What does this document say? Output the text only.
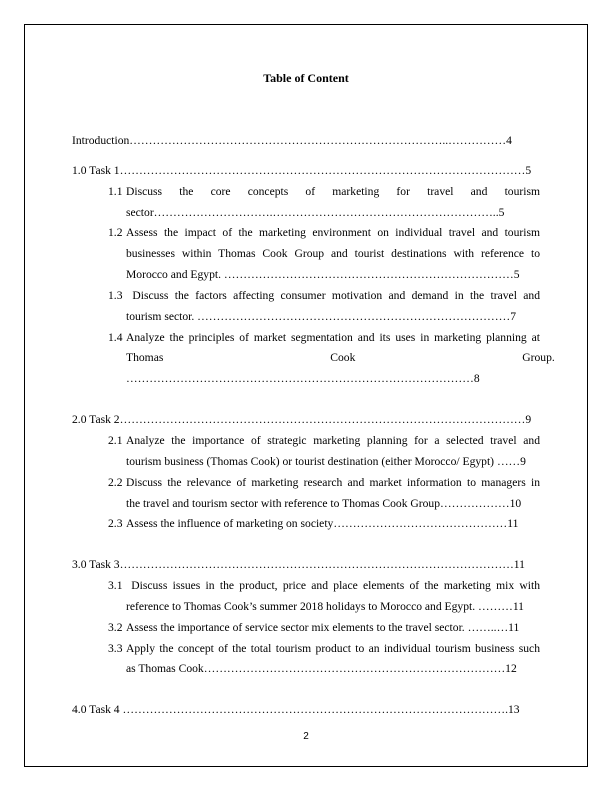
Table of Content
Introduction………………………………………………………………………..……………4
1.0 Task 1……………………………………………………………………………………………5
1.1 Discuss the core concepts of marketing for travel and tourism
sector………………………….…………………………………………………..5
1.2 Assess the impact of the marketing environment on individual travel and tourism
businesses within Thomas Cook Group and tourist destinations with reference to
Morocco and Egypt. …………………………………………………………………5
1.3 Discuss the factors affecting consumer motivation and demand in the travel and
tourism sector. ………………………………………………………………………7
1.4 Analyze the principles of market segmentation and its uses in marketing planning at
Thomas Cook Group.
………………………………………………………………………………8
2.0 Task 2……………………………………………………………………………………………9
2.1 Analyze the importance of strategic marketing planning for a selected travel and
tourism business (Thomas Cook) or tourist destination (either Morocco/ Egypt) ……9
2.2 Discuss the relevance of marketing research and market information to managers in
the travel and tourism sector with reference to Thomas Cook Group………………10
2.3 Assess the influence of marketing on society………………………………………11
3.0 Task 3…………………………………………………………………………………………11
3.1 Discuss issues in the product, price and place elements of the marketing mix with
reference to Thomas Cook’s summer 2018 holidays to Morocco and Egypt. ………11
3.2 Assess the importance of service sector mix elements to the travel sector. ……..…11
3.3 Apply the concept of the total tourism product to an individual tourism business such
as Thomas Cook……………………………………………………………………12
4.0 Task 4 ……………………………………………………………………………………….13
2
